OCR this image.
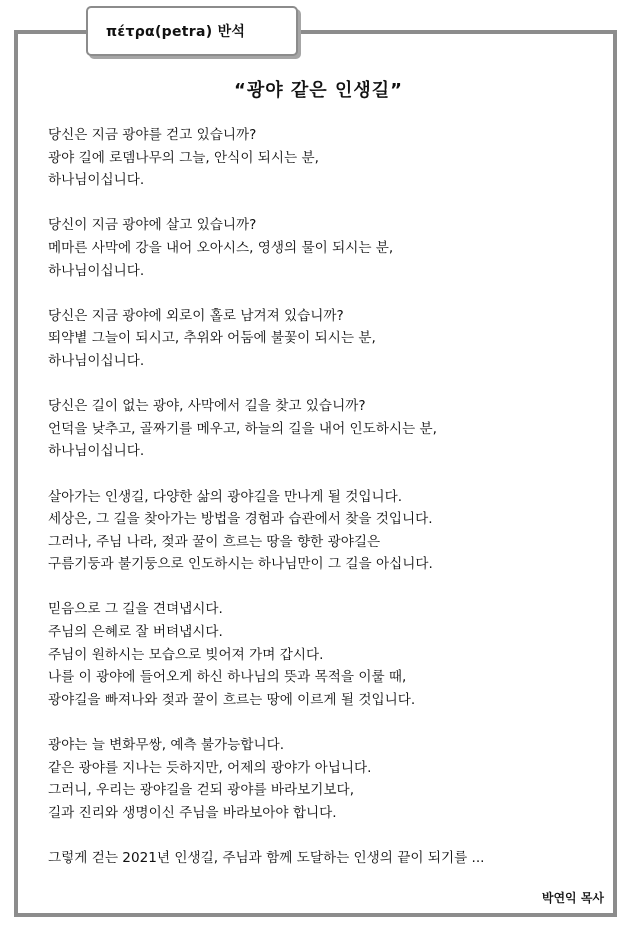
πέτρα(petra) 반석
“광야 같은 인생길”
당신은 지금 광야를 걷고 있습니까?
광야 길에 로뎀나무의 그늘, 안식이 되시는 분,
하나님이십니다.
당신이 지금 광야에 살고 있습니까?
메마른 사막에 강을 내어 오아시스, 영생의 물이 되시는 분,
하나님이십니다.
당신은 지금 광야에 외로이 홀로 남겨져 있습니까?
뙤약볕 그늘이 되시고, 추위와 어둠에 불꽃이 되시는 분,
하나님이십니다.
당신은 길이 없는 광야, 사막에서 길을 찾고 있습니까?
언덕을 낮추고, 골짜기를 메우고, 하늘의 길을 내어 인도하시는 분,
하나님이십니다.
살아가는 인생길, 다양한 삶의 광야길을 만나게 될 것입니다.
세상은, 그 길을 찾아가는 방법을 경험과 습관에서 찾을 것입니다.
그러나, 주님 나라, 젖과 꿀이 흐르는 땅을 향한 광야길은
구름기둥과 불기둥으로 인도하시는 하나님만이 그 길을 아십니다.
믿음으로 그 길을 견뎌냅시다.
주님의 은혜로 잘 버텨냅시다.
주님이 원하시는 모습으로 빚어져 가며 갑시다.
나를 이 광야에 들어오게 하신 하나님의 뜻과 목적을 이룰 때,
광야길을 빠져나와 젖과 꿀이 흐르는 땅에 이르게 될 것입니다.
광야는 늘 변화무쌍, 예측 불가능합니다.
같은 광야를 지나는 듯하지만, 어제의 광야가 아닙니다.
그러니, 우리는 광야길을 걷되 광야를 바라보기보다,
길과 진리와 생명이신 주님을 바라보아야 합니다.
그렇게 걷는 2021년 인생길, 주님과 함께 도달하는 인생의 끝이 되기를 ...
박연익 목사
